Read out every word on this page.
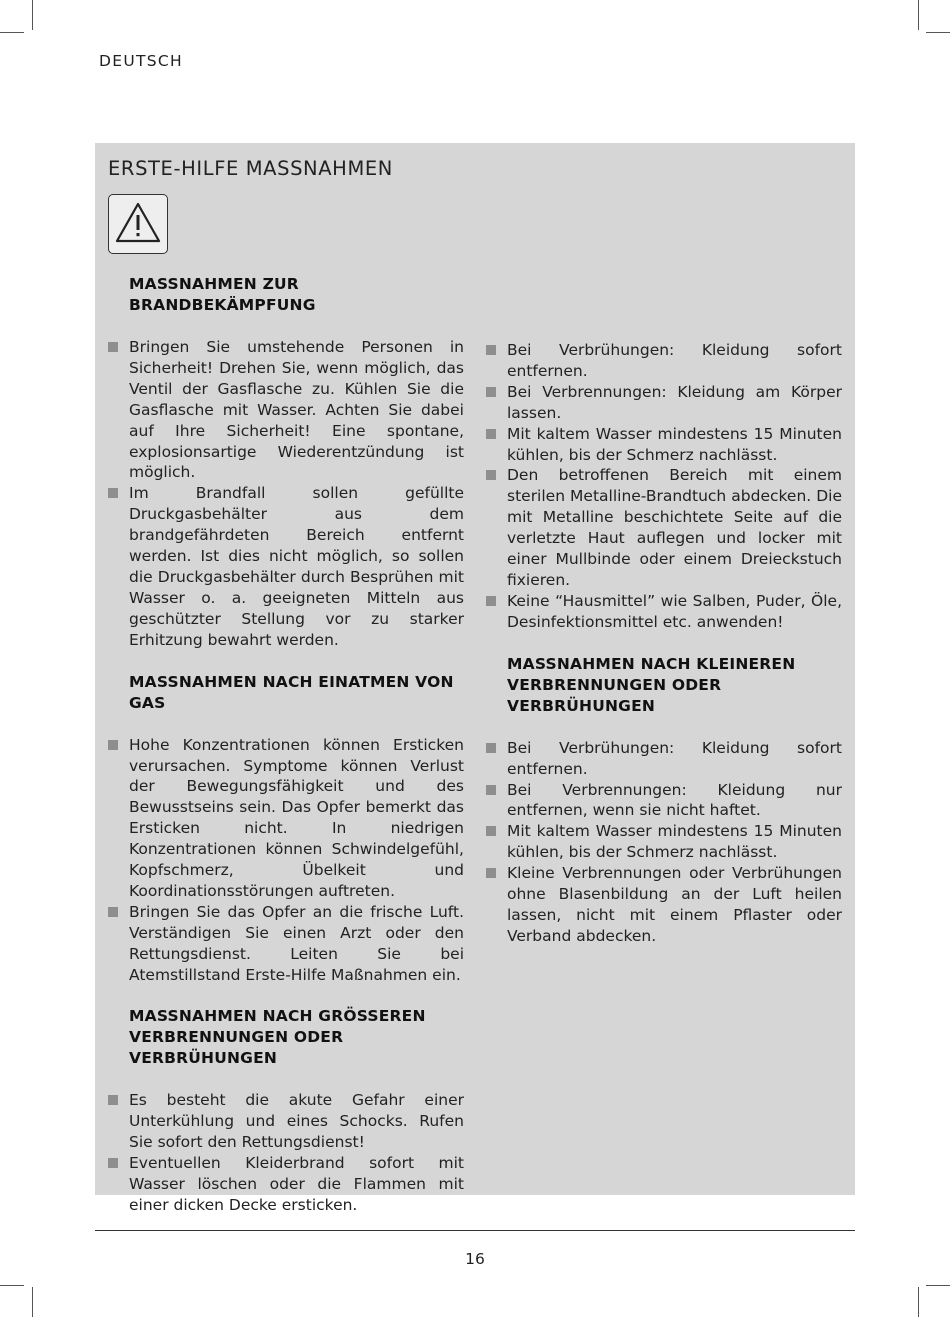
DEUTSCH
ERSTE-HILFE MASSNAHMEN
MASSNAHMEN ZUR BRANDBEKÄMPFUNG
Bringen Sie umstehende Personen in Sicherheit! Drehen Sie, wenn möglich, das Ventil der Gasflasche zu. Kühlen Sie die Gasflasche mit Wasser. Achten Sie dabei auf Ihre Sicherheit! Eine spontane, explosionsartige Wiederentzündung ist möglich.
Im Brandfall sollen gefüllte Druckgasbehälter aus dem brandgefährdeten Bereich entfernt werden. Ist dies nicht möglich, so sollen die Druckgasbehälter durch Besprühen mit Wasser o. a. geeigneten Mitteln aus geschützter Stellung vor zu starker Erhitzung bewahrt werden.
MASSNAHMEN NACH EINATMEN VON GAS
Hohe Konzentrationen können Ersticken verursachen. Symptome können Verlust der Bewegungsfähigkeit und des Bewusstseins sein. Das Opfer bemerkt das Ersticken nicht. In niedrigen Konzentrationen können Schwindelgefühl, Kopfschmerz, Übelkeit und Koordinationsstörungen auftreten.
Bringen Sie das Opfer an die frische Luft. Verständigen Sie einen Arzt oder den Rettungsdienst. Leiten Sie bei Atemstillstand Erste-Hilfe Maßnahmen ein.
MASSNAHMEN NACH GRÖSSEREN VERBRENNUNGEN ODER VERBRÜHUNGEN
Es besteht die akute Gefahr einer Unterkühlung und eines Schocks. Rufen Sie sofort den Rettungsdienst!
Eventuellen Kleiderbrand sofort mit Wasser löschen oder die Flammen mit einer dicken Decke ersticken.
Bei Verbrühungen: Kleidung sofort entfernen.
Bei Verbrennungen: Kleidung am Körper lassen.
Mit kaltem Wasser mindestens 15 Minuten kühlen, bis der Schmerz nachlässt.
Den betroffenen Bereich mit einem sterilen Metalline-Brandtuch abdecken. Die mit Metalline beschichtete Seite auf die verletzte Haut auflegen und locker mit einer Mullbinde oder einem Dreieckstuch fixieren.
Keine “Hausmittel” wie Salben, Puder, Öle, Desinfektionsmittel etc. anwenden!
MASSNAHMEN NACH KLEINEREN VERBRENNUNGEN ODER VERBRÜHUNGEN
Bei Verbrühungen: Kleidung sofort entfernen.
Bei Verbrennungen: Kleidung nur entfernen, wenn sie nicht haftet.
Mit kaltem Wasser mindestens 15 Minuten kühlen, bis der Schmerz nachlässt.
Kleine Verbrennungen oder Verbrühungen ohne Blasenbildung an der Luft heilen lassen, nicht mit einem Pflaster oder Verband abdecken.
16
